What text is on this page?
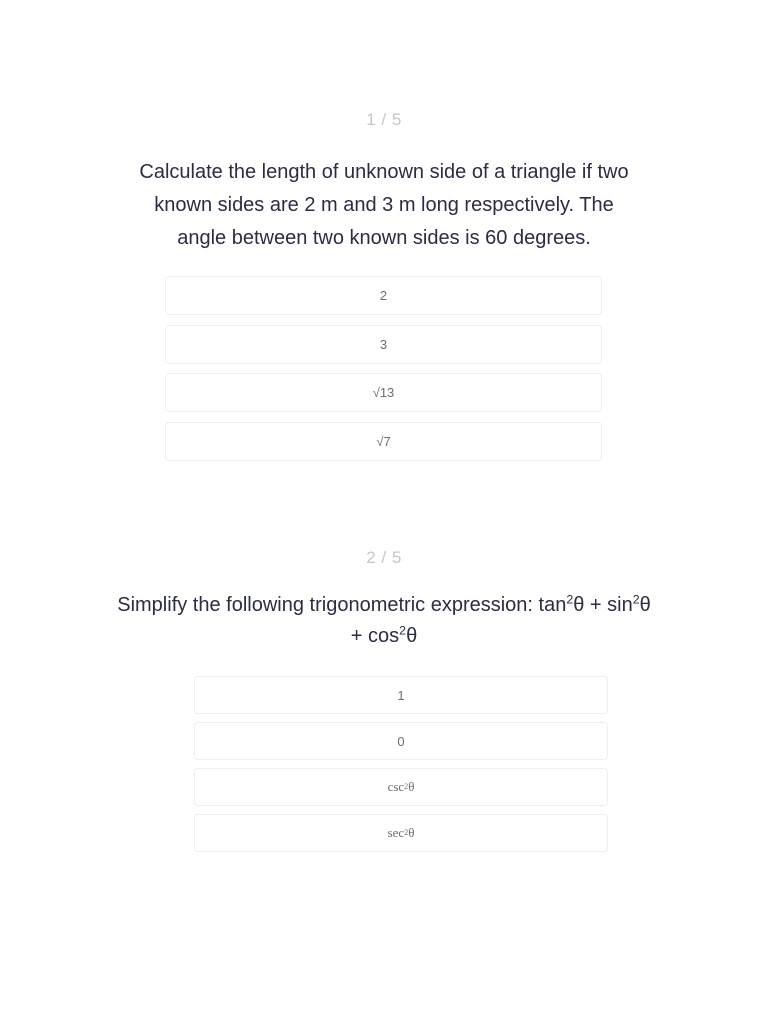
1 / 5
Calculate the length of unknown side of a triangle if two known sides are 2 m and 3 m long respectively. The angle between two known sides is 60 degrees.
2
3
√13
√7
2 / 5
Simplify the following trigonometric expression: $\tan^2\theta + \sin^2\theta + \cos^2\theta$
1
0
csc 2 θ
sec 2 θ
